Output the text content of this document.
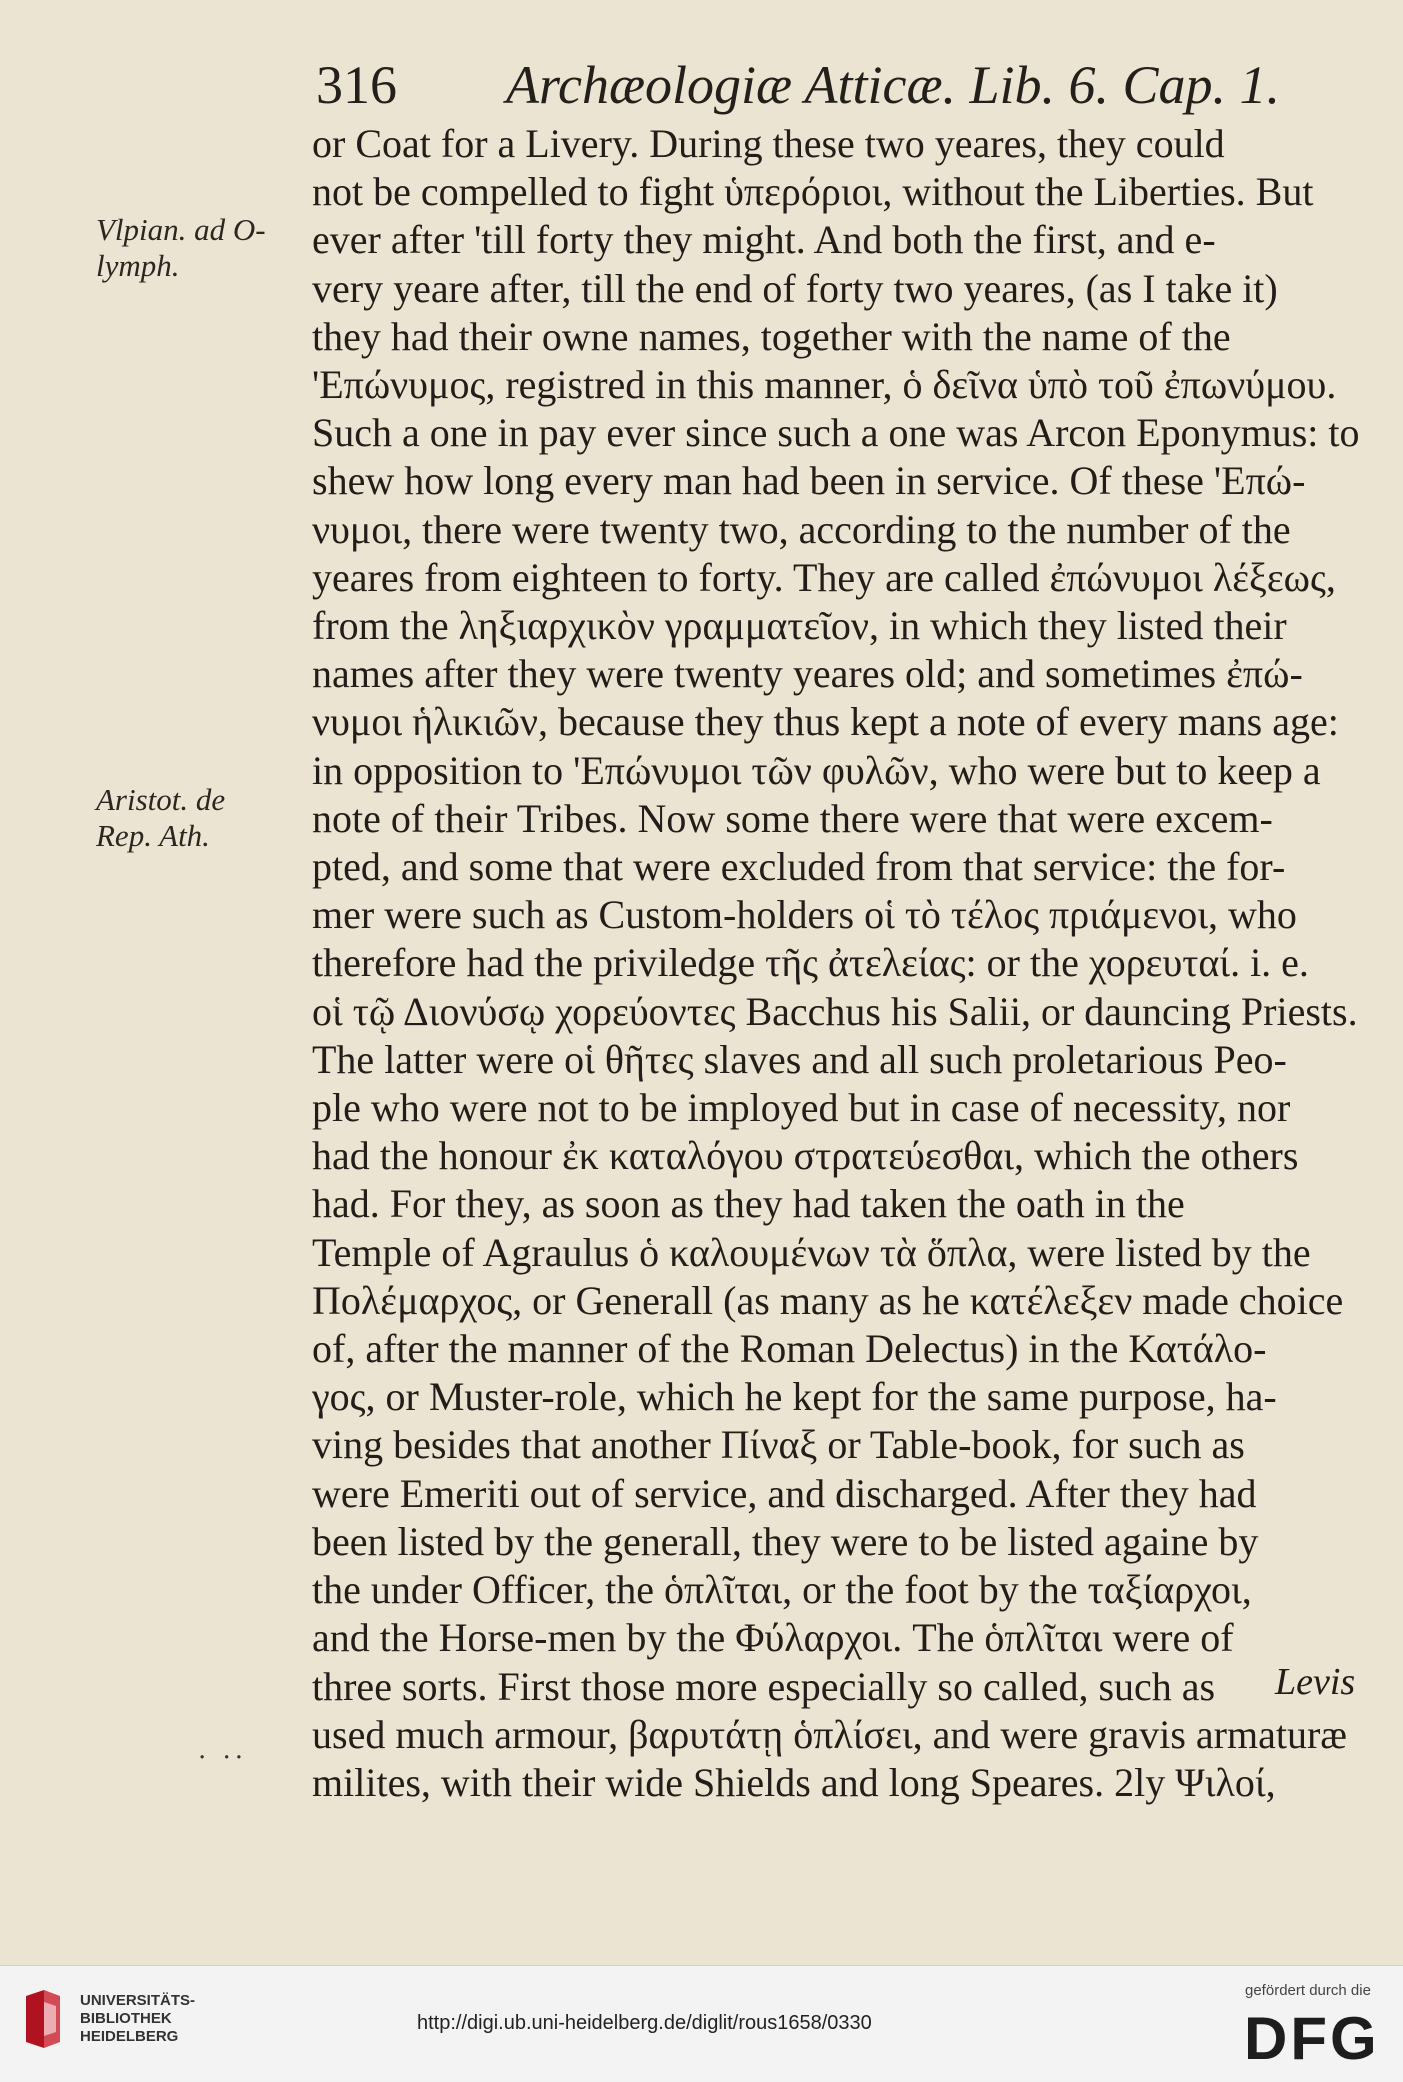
316 Archæologiæ Atticæ. Lib. 6. Cap. 1.
Vlpian. ad O-
lymph.
Aristot. de
Rep. Ath.
or Coat for a Livery. During these two yeares, they could
not be compelled to fight ὑπερόριοι, without the Liberties. But
ever after 'till forty they might. And both the first, and e-
very yeare after, till the end of forty two yeares, (as I take it)
they had their owne names, together with the name of the
'Επώνυμος, registred in this manner, ὁ δεῖνα ὑπὸ τοῦ ἐπωνύμου.
Such a one in pay ever since such a one was Arcon Eponymus: to
shew how long every man had been in service. Of these 'Επώ-
νυμοι, there were twenty two, according to the number of the
yeares from eighteen to forty. They are called ἐπώνυμοι λέξεως,
from the ληξιαρχικὸν γραμματεῖον, in which they listed their
names after they were twenty yeares old; and sometimes ἐπώ-
νυμοι ἡλικιῶν, because they thus kept a note of every mans age:
in opposition to 'Επώνυμοι τῶν φυλῶν, who were but to keep a
note of their Tribes. Now some there were that were excem-
pted, and some that were excluded from that service: the for-
mer were such as Custom-holders οἱ τὸ τέλος πριάμενοι, who
therefore had the priviledge τῆς ἀτελείας: or the χορευταί. i. e.
οἱ τῷ Διονύσῳ χορεύοντες Bacchus his Salii, or dauncing Priests.
The latter were οἱ θῆτες slaves and all such proletarious Peo-
ple who were not to be imployed but in case of necessity, nor
had the honour ἐκ καταλόγου στρατεύεσθαι, which the others
had. For they, as soon as they had taken the oath in the
Temple of Agraulus ὁ καλουμένων τὰ ὅπλα, were listed by the
Πολέμαρχος, or Generall (as many as he κατέλεξεν made choice
of, after the manner of the Roman Delectus) in the Κατάλο-
γος, or Muster-role, which he kept for the same purpose, ha-
ving besides that another Πίναξ or Table-book, for such as
were Emeriti out of service, and discharged. After they had
been listed by the generall, they were to be listed againe by
the under Officer, the ὁπλῖται, or the foot by the ταξίαρχοι,
and the Horse-men by the Φύλαρχοι. The ὁπλῖται were of
three sorts. First those more especially so called, such as
used much armour, βαρυτάτῃ ὁπλίσει, and were gravis armaturæ
milites, with their wide Shields and long Speares. 2ly Ψιλοί,
Levis
. ..
UNIVERSITÄTS-
BIBLIOTHEK
HEIDELBERG
http://digi.ub.uni-heidelberg.de/diglit/rous1658/0330
gefördert durch die
DFG
